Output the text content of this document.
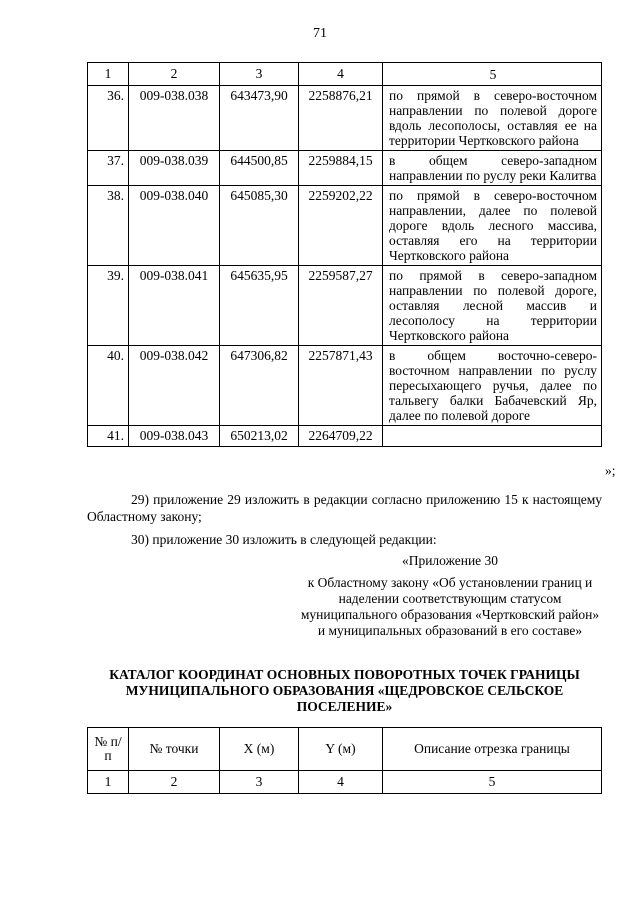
71
1	2	3	4	5
36.	009-038.038	643473,90	2258876,21	по прямой в северо-восточном направлении по полевой дороге вдоль лесополосы, оставляя ее на территории Чертковского района
37.	009-038.039	644500,85	2259884,15	в общем северо-западном направлении по руслу реки Калитва
38.	009-038.040	645085,30	2259202,22	по прямой в северо-восточном направлении, далее по полевой дороге вдоль лесного массива, оставляя его на территории Чертковского района
39.	009-038.041	645635,95	2259587,27	по прямой в северо-западном направлении по полевой дороге, оставляя лесной массив и лесополосу на территории Чертковского района
40.	009-038.042	647306,82	2257871,43	в общем восточно-северо-восточном направлении по руслу пересыхающего ручья, далее по тальвегу балки Бабачевский Яр, далее по полевой дороге
41.	009-038.043	650213,02	2264709,22	
»;
29) приложение 29 изложить в редакции согласно приложению 15 к настоящему Областному закону;
30) приложение 30 изложить в следующей редакции:
«Приложение 30
к Областному закону «Об установлении границ и наделении соответствующим статусом муниципального образования «Чертковский район» и муниципальных образований в его составе»
КАТАЛОГ КООРДИНАТ ОСНОВНЫХ ПОВОРОТНЫХ ТОЧЕК ГРАНИЦЫ МУНИЦИПАЛЬНОГО ОБРАЗОВАНИЯ «ЩЕДРОВСКОЕ СЕЛЬСКОЕ ПОСЕЛЕНИЕ»
№ п/п	№ точки	X (м)	Y (м)	Описание отрезка границы
1	2	3	4	5
